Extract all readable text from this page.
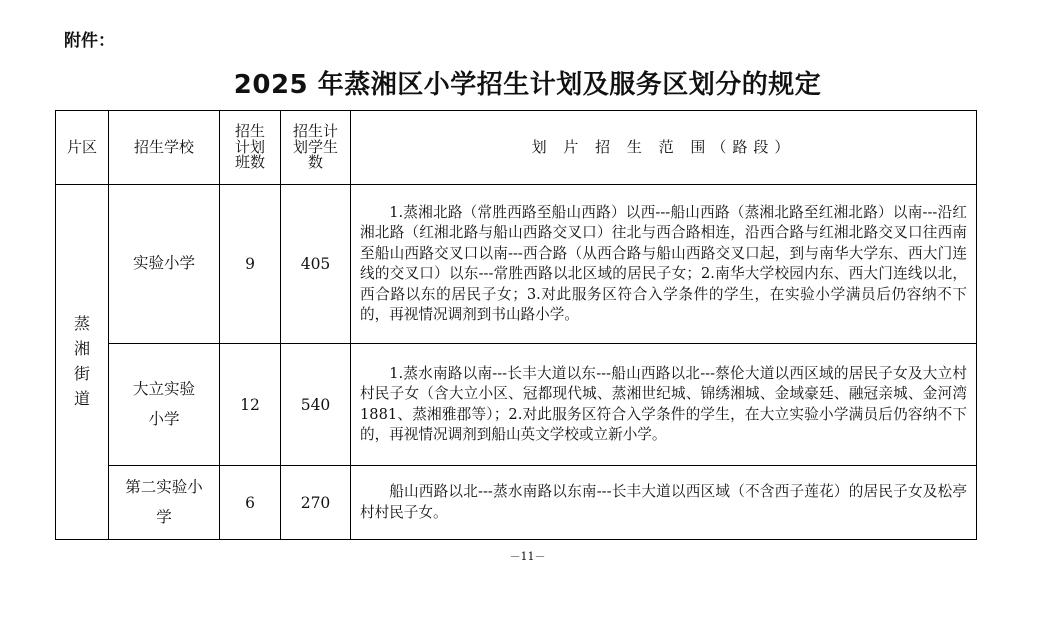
附件：
2025 年蒸湘区小学招生计划及服务区划分的规定
片区	招生学校	招生计划班数	招生计划学生数	划 片 招 生 范 围（路段）
蒸湘街道	实验小学	9	405	1.蒸湘北路（常胜西路至船山西路）以西---船山西路（蒸湘北路至红湘北路）以南---沿红湘北路（红湘北路与船山西路交叉口）往北与西合路相连，沿西合路与红湘北路交叉口往西南至船山西路交叉口以南---西合路（从西合路与船山西路交叉口起，到与南华大学东、西大门连线的交叉口）以东---常胜西路以北区域的居民子女；2.南华大学校园内东、西大门连线以北，西合路以东的居民子女；3.对此服务区符合入学条件的学生，在实验小学满员后仍容纳不下的，再视情况调剂到书山路小学。
	大立实验小学	12	540	1.蒸水南路以南---长丰大道以东---船山西路以北---蔡伦大道以西区域的居民子女及大立村村民子女（含大立小区、冠都现代城、蒸湘世纪城、锦绣湘城、金域豪廷、融冠亲城、金河湾 1881、蒸湘雅郡等）；2.对此服务区符合入学条件的学生，在大立实验小学满员后仍容纳不下的，再视情况调剂到船山英文学校或立新小学。
	第二实验小学	6	270	船山西路以北---蒸水南路以东南---长丰大道以西区域（不含西子莲花）的居民子女及松亭村村民子女。
－11－
